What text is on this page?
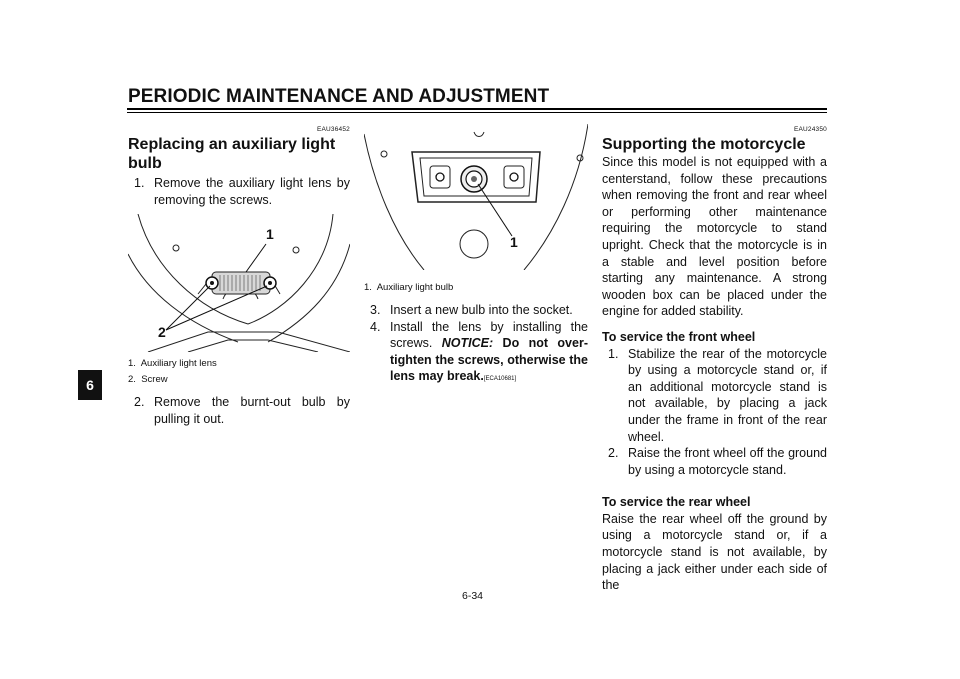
PERIODIC MAINTENANCE AND ADJUSTMENT
6
EAU36452
Replacing an auxiliary light bulb
1. Remove the auxiliary light lens by removing the screws.
1
2
1. Auxiliary light lens
2. Screw
2. Remove the burnt-out bulb by pulling it out.
1
1. Auxiliary light bulb
3. Insert a new bulb into the socket.
4. Install the lens by installing the screws. NOTICE: Do not over-tighten the screws, otherwise the lens may break.[ECA10681]
EAU24350
Supporting the motorcycle
Since this model is not equipped with a centerstand, follow these precautions when removing the front and rear wheel or performing other maintenance requiring the motorcycle to stand upright. Check that the motorcycle is in a stable and level position before starting any maintenance. A strong wooden box can be placed under the engine for added stability.
To service the front wheel
1. Stabilize the rear of the motorcycle by using a motorcycle stand or, if an additional motorcycle stand is not available, by placing a jack under the frame in front of the rear wheel.
2. Raise the front wheel off the ground by using a motorcycle stand.
To service the rear wheel
Raise the rear wheel off the ground by using a motorcycle stand or, if a motorcycle stand is not available, by placing a jack either under each side of the
6-34
